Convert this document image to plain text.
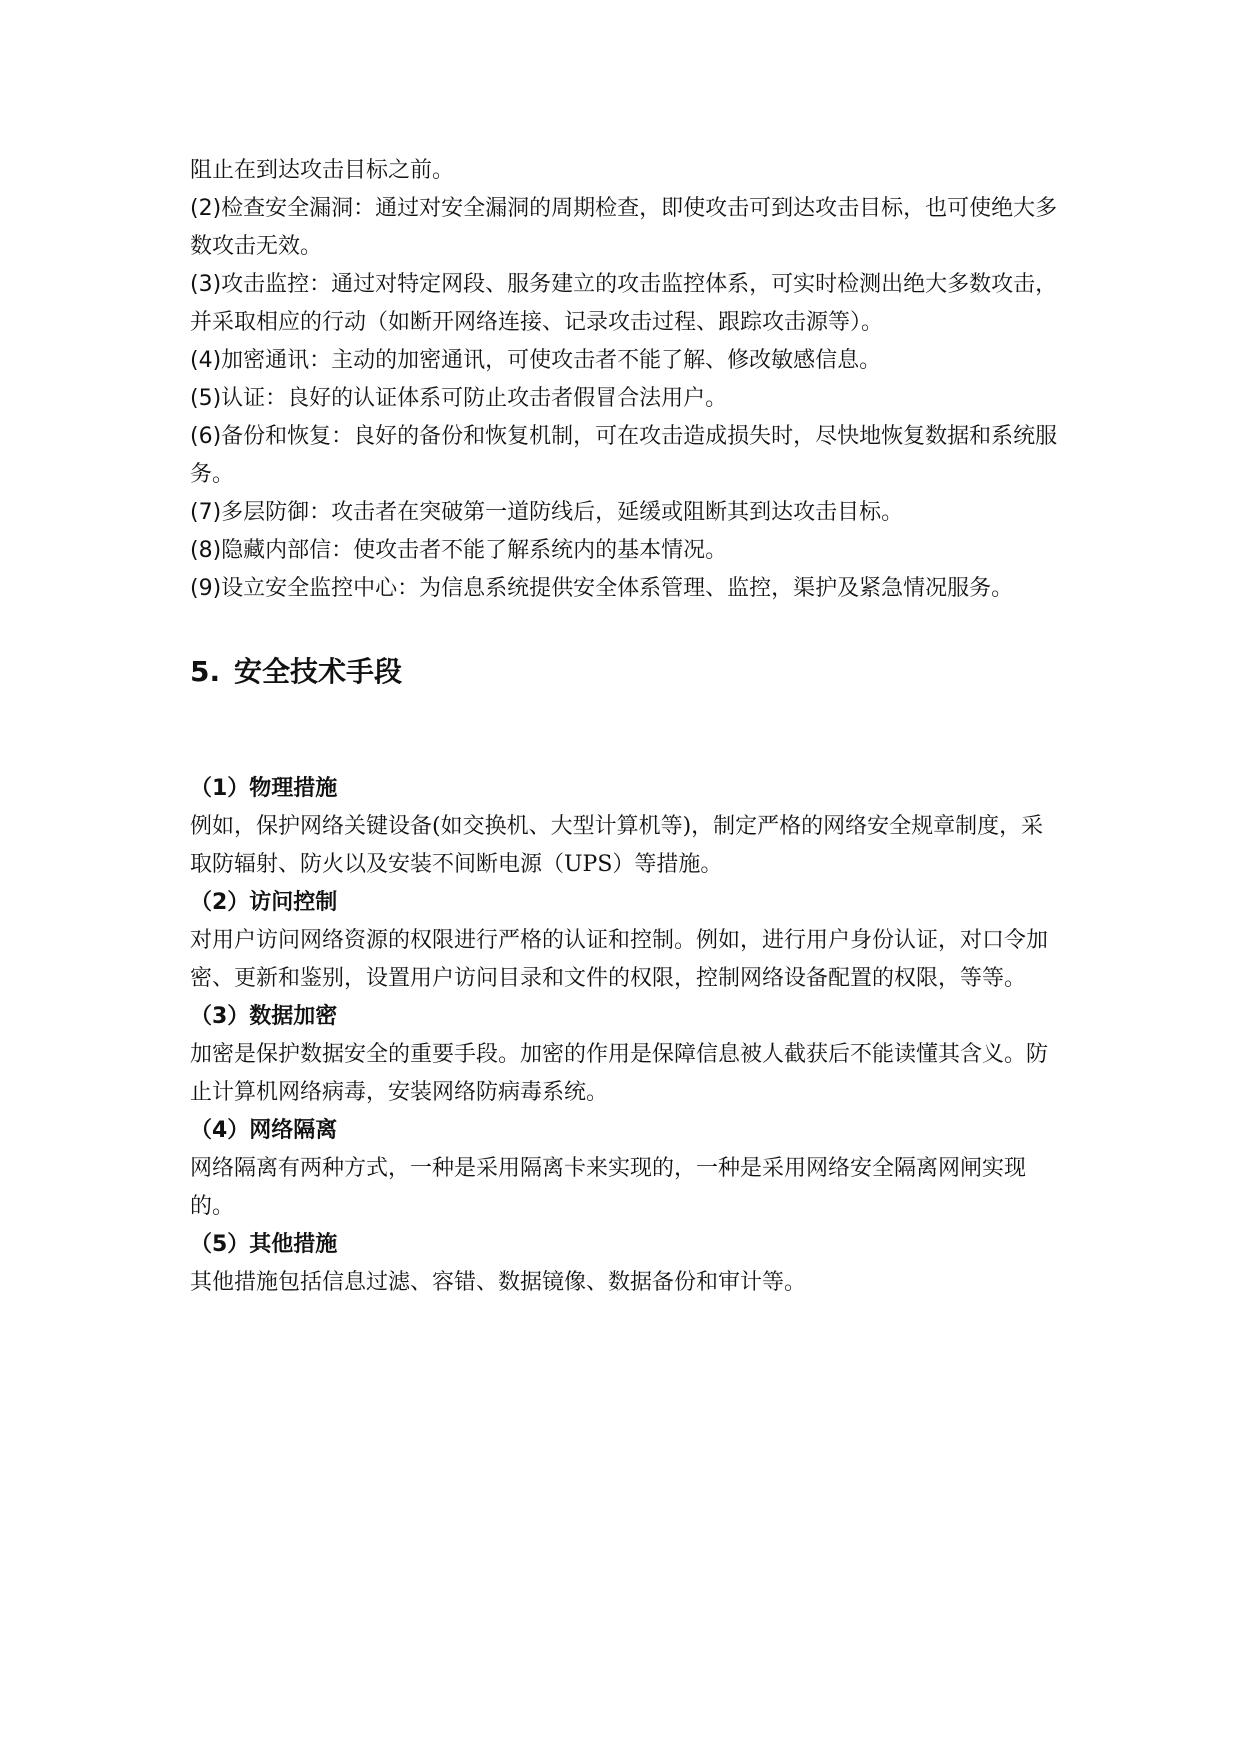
阻止在到达攻击目标之前。

(2)检查安全漏洞：通过对安全漏洞的周期检查，即使攻击可到达攻击目标，也可使绝大多数攻击无效。

(3)攻击监控：通过对特定网段、服务建立的攻击监控体系，可实时检测出绝大多数攻击，并采取相应的行动（如断开网络连接、记录攻击过程、跟踪攻击源等）。

(4)加密通讯：主动的加密通讯，可使攻击者不能了解、修改敏感信息。

(5)认证：良好的认证体系可防止攻击者假冒合法用户。

(6)备份和恢复：良好的备份和恢复机制，可在攻击造成损失时，尽快地恢复数据和系统服务。

(7)多层防御：攻击者在突破第一道防线后，延缓或阻断其到达攻击目标。

(8)隐藏内部信：使攻击者不能了解系统内的基本情况。

(9)设立安全监控中心：为信息系统提供安全体系管理、监控，渠护及紧急情况服务。

5. 安全技术手段
（1）物理措施

例如，保护网络关键设备(如交换机、大型计算机等)，制定严格的网络安全规章制度，采取防辐射、防火以及安装不间断电源（UPS）等措施。

（2）访问控制

对用户访问网络资源的权限进行严格的认证和控制。例如，进行用户身份认证，对口令加密、更新和鉴别，设置用户访问目录和文件的权限，控制网络设备配置的权限，等等。

（3）数据加密

加密是保护数据安全的重要手段。加密的作用是保障信息被人截获后不能读懂其含义。防止计算机网络病毒，安装网络防病毒系统。

（4）网络隔离

网络隔离有两种方式，一种是采用隔离卡来实现的，一种是采用网络安全隔离网闸实现的。

（5）其他措施

其他措施包括信息过滤、容错、数据镜像、数据备份和审计等。
